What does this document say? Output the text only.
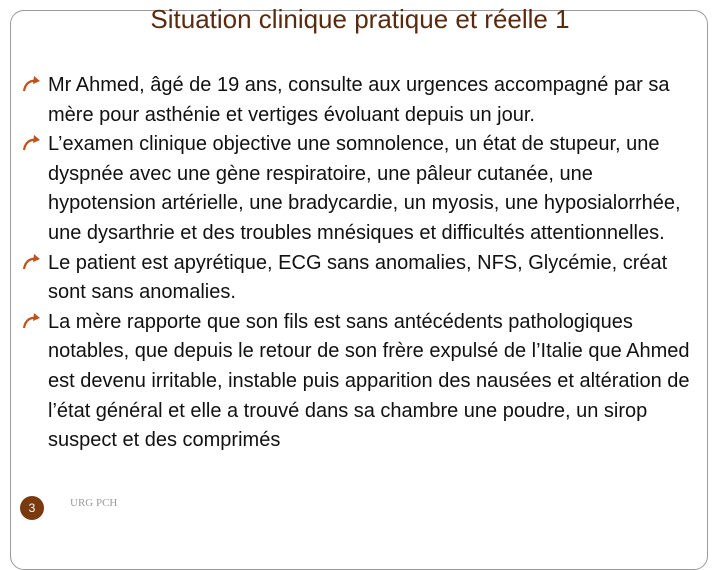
Situation clinique pratique et réelle 1

Mr Ahmed, âgé de 19 ans, consulte aux urgences accompagné par sa mère pour asthénie et vertiges évoluant depuis un jour.

L’examen clinique objective une somnolence, un état de stupeur, une dyspnée avec une gène respiratoire, une pâleur cutanée, une hypotension artérielle, une bradycardie, un myosis, une hyposialorrhée, une dysarthrie et des troubles mnésiques et difficultés attentionnelles.

Le patient est apyrétique, ECG sans anomalies, NFS, Glycémie, créat sont sans anomalies.

La mère rapporte que son fils est sans antécédents pathologiques notables, que depuis le retour de son frère expulsé de l’Italie que Ahmed est devenu irritable, instable puis apparition des nausées et altération de l’état général et elle a trouvé dans sa chambre une poudre, un sirop suspect et des comprimés

3	URG PCH
